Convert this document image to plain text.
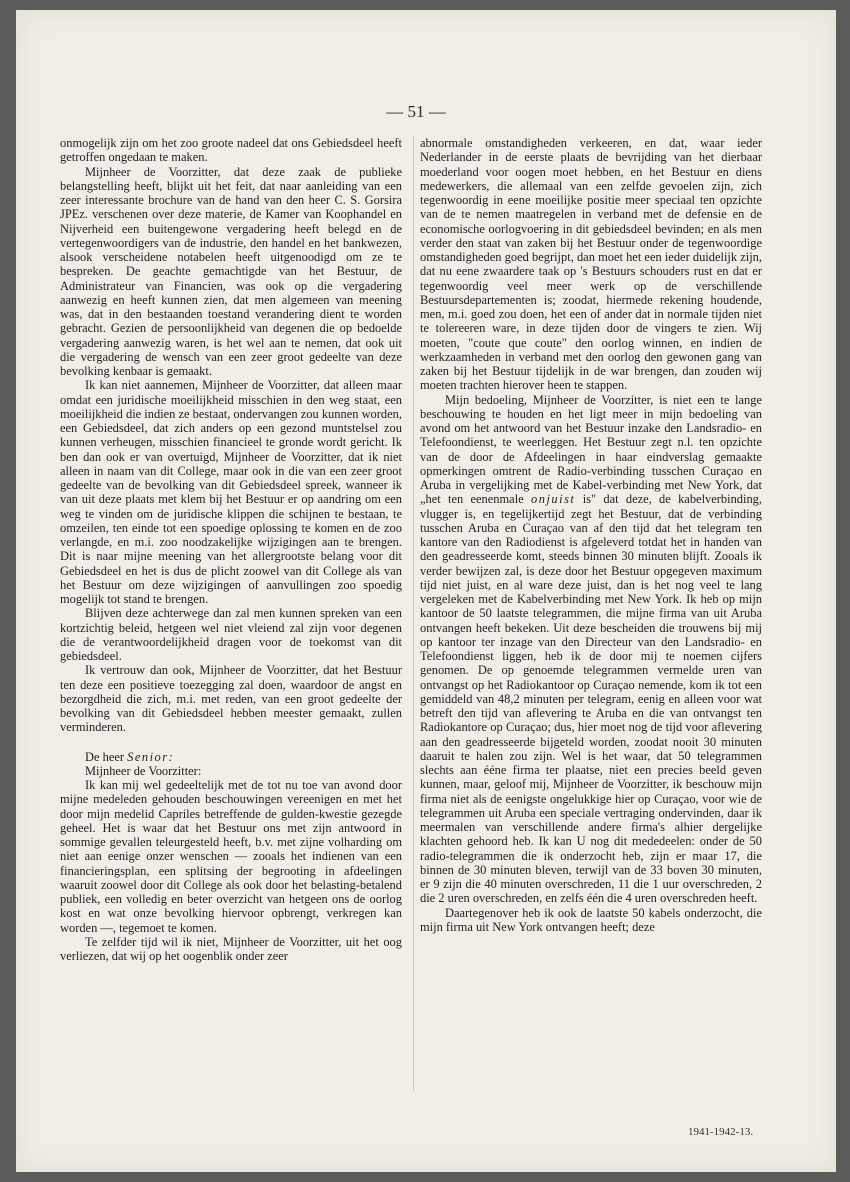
— 51 —

onmogelijk zijn om het zoo groote nadeel dat ons Gebiedsdeel heeft getroffen ongedaan te maken.

Mijnheer de Voorzitter, dat deze zaak de publieke belangstelling heeft, blijkt uit het feit, dat naar aanleiding van een zeer interessante brochure van de hand van den heer C. S. Gorsira JPEz. verschenen over deze materie, de Kamer van Koophandel en Nijverheid een buitengewone vergadering heeft belegd en de vertegenwoordigers van de industrie, den handel en het bankwezen, alsook verscheidene notabelen heeft uitgenoodigd om ze te bespreken. De geachte gemachtigde van het Bestuur, de Administrateur van Financien, was ook op die vergadering aanwezig en heeft kunnen zien, dat men algemeen van meening was, dat in den bestaanden toestand verandering dient te worden gebracht. Gezien de persoonlijkheid van degenen die op bedoelde vergadering aanwezig waren, is het wel aan te nemen, dat ook uit die vergadering de wensch van een zeer groot gedeelte van deze bevolking kenbaar is gemaakt.

Ik kan niet aannemen, Mijnheer de Voorzitter, dat alleen maar omdat een juridische moeilijkheid misschien in den weg staat, een moeilijkheid die indien ze bestaat, ondervangen zou kunnen worden, een Gebiedsdeel, dat zich anders op een gezond muntstelsel zou kunnen verheugen, misschien financieel te gronde wordt gericht. Ik ben dan ook er van overtuigd, Mijnheer de Voorzitter, dat ik niet alleen in naam van dit College, maar ook in die van een zeer groot gedeelte van de bevolking van dit Gebiedsdeel spreek, wanneer ik van uit deze plaats met klem bij het Bestuur er op aandring om een weg te vinden om de juridische klippen die schijnen te bestaan, te omzeilen, ten einde tot een spoedige oplossing te komen en de zoo verlangde, en m.i. zoo noodzakelijke wijzigingen aan te brengen. Dit is naar mijne meening van het allergrootste belang voor dit Gebiedsdeel en het is dus de plicht zoowel van dit College als van het Bestuur om deze wijzigingen of aanvullingen zoo spoedig mogelijk tot stand te brengen.

Blijven deze achterwege dan zal men kunnen spreken van een kortzichtig beleid, hetgeen wel niet vleiend zal zijn voor degenen die de verantwoordelijkheid dragen voor de toekomst van dit gebiedsdeel.

Ik vertrouw dan ook, Mijnheer de Voorzitter, dat het Bestuur ten deze een positieve toezegging zal doen, waardoor de angst en bezorgdheid die zich, m.i. met reden, van een groot gedeelte der bevolking van dit Gebiedsdeel hebben meester gemaakt, zullen verminderen.

De heer Senior:

Mijnheer de Voorzitter:

Ik kan mij wel gedeeltelijk met de tot nu toe van avond door mijne medeleden gehouden beschouwingen vereenigen en met het door mijn medelid Capriles betreffende de gulden-kwestie gezegde geheel. Het is waar dat het Bestuur ons met zijn antwoord in sommige gevallen teleurgesteld heeft, b.v. met zijne volharding om niet aan eenige onzer wenschen — zooals het indienen van een financieringsplan, een splitsing der begrooting in afdeelingen waaruit zoowel door dit College als ook door het belasting-betalend publiek, een volledig en beter overzicht van hetgeen ons de oorlog kost en wat onze bevolking hiervoor opbrengt, verkregen kan worden —, tegemoet te komen.

Te zelfder tijd wil ik niet, Mijnheer de Voorzitter, uit het oog verliezen, dat wij op het oogenblik onder zeer

abnormale omstandigheden verkeeren, en dat, waar ieder Nederlander in de eerste plaats de bevrijding van het dierbaar moederland voor oogen moet hebben, en het Bestuur en diens medewerkers, die allemaal van een zelfde gevoelen zijn, zich tegenwoordig in eene moeilijke positie meer speciaal ten opzichte van de te nemen maatregelen in verband met de defensie en de economische oorlogvoering in dit gebiedsdeel bevinden; en als men verder den staat van zaken bij het Bestuur onder de tegenwoordige omstandigheden goed begrijpt, dan moet het een ieder duidelijk zijn, dat nu eene zwaardere taak op 's Bestuurs schouders rust en dat er tegenwoordig veel meer werk op de verschillende Bestuursdepartementen is; zoodat, hiermede rekening houdende, men, m.i. goed zou doen, het een of ander dat in normale tijden niet te tolereeren ware, in deze tijden door de vingers te zien. Wij moeten, "coute que coute" den oorlog winnen, en indien de werkzaamheden in verband met den oorlog den gewonen gang van zaken bij het Bestuur tijdelijk in de war brengen, dan zouden wij moeten trachten hierover heen te stappen.

Mijn bedoeling, Mijnheer de Voorzitter, is niet een te lange beschouwing te houden en het ligt meer in mijn bedoeling van avond om het antwoord van het Bestuur inzake den Landsradio- en Telefoondienst, te weerleggen. Het Bestuur zegt n.l. ten opzichte van de door de Afdeelingen in haar eindverslag gemaakte opmerkingen omtrent de Radio-verbinding tusschen Curaçao en Aruba in vergelijking met de Kabel-verbinding met New York, dat „het ten eenenmale onjuist is" dat deze, de kabelverbinding, vlugger is, en tegelijkertijd zegt het Bestuur, dat de verbinding tusschen Aruba en Curaçao van af den tijd dat het telegram ten kantore van den Radiodienst is afgeleverd totdat het in handen van den geadresseerde komt, steeds binnen 30 minuten blijft. Zooals ik verder bewijzen zal, is deze door het Bestuur opgegeven maximum tijd niet juist, en al ware deze juist, dan is het nog veel te lang vergeleken met de Kabelverbinding met New York. Ik heb op mijn kantoor de 50 laatste telegrammen, die mijne firma van uit Aruba ontvangen heeft bekeken. Uit deze bescheiden die trouwens bij mij op kantoor ter inzage van den Directeur van den Landsradio- en Telefoondienst liggen, heb ik de door mij te noemen cijfers genomen. De op genoemde telegrammen vermelde uren van ontvangst op het Radiokantoor op Curaçao nemende, kom ik tot een gemiddeld van 48,2 minuten per telegram, eenig en alleen voor wat betreft den tijd van aflevering te Aruba en die van ontvangst ten Radiokantore op Curaçao; dus, hier moet nog de tijd voor aflevering aan den geadresseerde bijgeteld worden, zoodat nooit 30 minuten daaruit te halen zou zijn. Wel is het waar, dat 50 telegrammen slechts aan ééne firma ter plaatse, niet een precies beeld geven kunnen, maar, geloof mij, Mijnheer de Voorzitter, ik beschouw mijn firma niet als de eenigste ongelukkige hier op Curaçao, voor wie de telegrammen uit Aruba een speciale vertraging ondervinden, daar ik meermalen van verschillende andere firma's alhier dergelijke klachten gehoord heb. Ik kan U nog dit mededeelen: onder de 50 radio-telegrammen die ik onderzocht heb, zijn er maar 17, die binnen de 30 minuten bleven, terwijl van de 33 boven 30 minuten, er 9 zijn die 40 minuten overschreden, 11 die 1 uur overschreden, 2 die 2 uren overschreden, en zelfs één die 4 uren overschreden heeft.

Daartegenover heb ik ook de laatste 50 kabels onderzocht, die mijn firma uit New York ontvangen heeft; deze

1941-1942-13.
